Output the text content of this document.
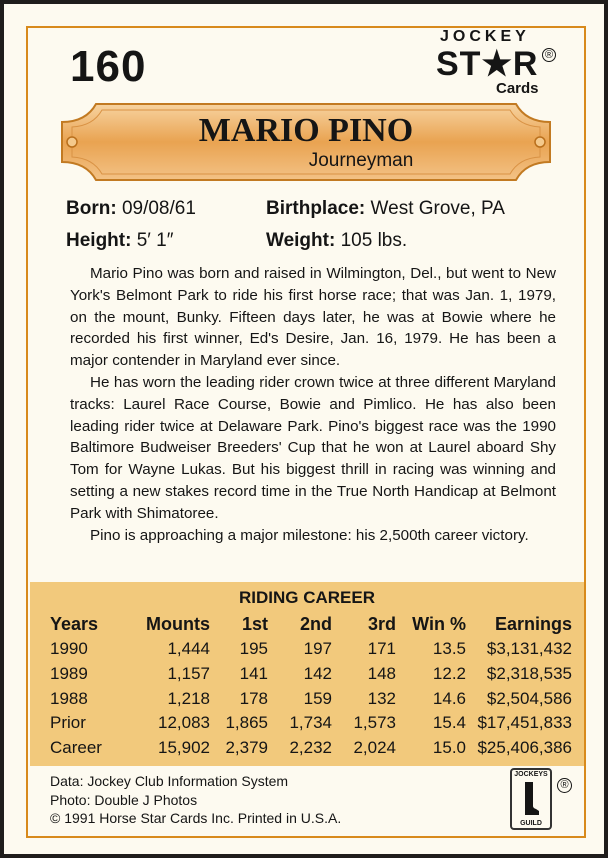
160
JOCKEY
ST★R ®
Cards
MARIO PINO
Journeyman
Born: 09/08/61	Birthplace: West Grove, PA
Height: 5′ 1″	Weight: 105 lbs.

Mario Pino was born and raised in Wilmington, Del., but went to New York's Belmont Park to ride his first horse race; that was Jan. 1, 1979, on the mount, Bunky. Fifteen days later, he was at Bowie where he recorded his first winner, Ed's Desire, Jan. 16, 1979. He has been a major contender in Maryland ever since.

He has worn the leading rider crown twice at three different Maryland tracks: Laurel Race Course, Bowie and Pimlico. He has also been leading rider twice at Delaware Park. Pino's biggest race was the 1990 Baltimore Budweiser Breeders' Cup that he won at Laurel aboard Shy Tom for Wayne Lukas. But his biggest thrill in racing was winning and setting a new stakes record time in the True North Handicap at Belmont Park with Shimatoree.

Pino is approaching a major milestone: his 2,500th career victory.

RIDING CAREER
Years	Mounts	1st	2nd	3rd	Win %	Earnings
1990	1,444	195	197	171	13.5	$3,131,432
1989	1,157	141	142	148	12.2	$2,318,535
1988	1,218	178	159	132	14.6	$2,504,586
Prior	12,083	1,865	1,734	1,573	15.4	$17,451,833
Career	15,902	2,379	2,232	2,024	15.0	$25,406,386
Data: Jockey Club Information System
Photo: Double J Photos
© 1991 Horse Star Cards Inc. Printed in U.S.A.
JOCKEYS
GUILD
®
